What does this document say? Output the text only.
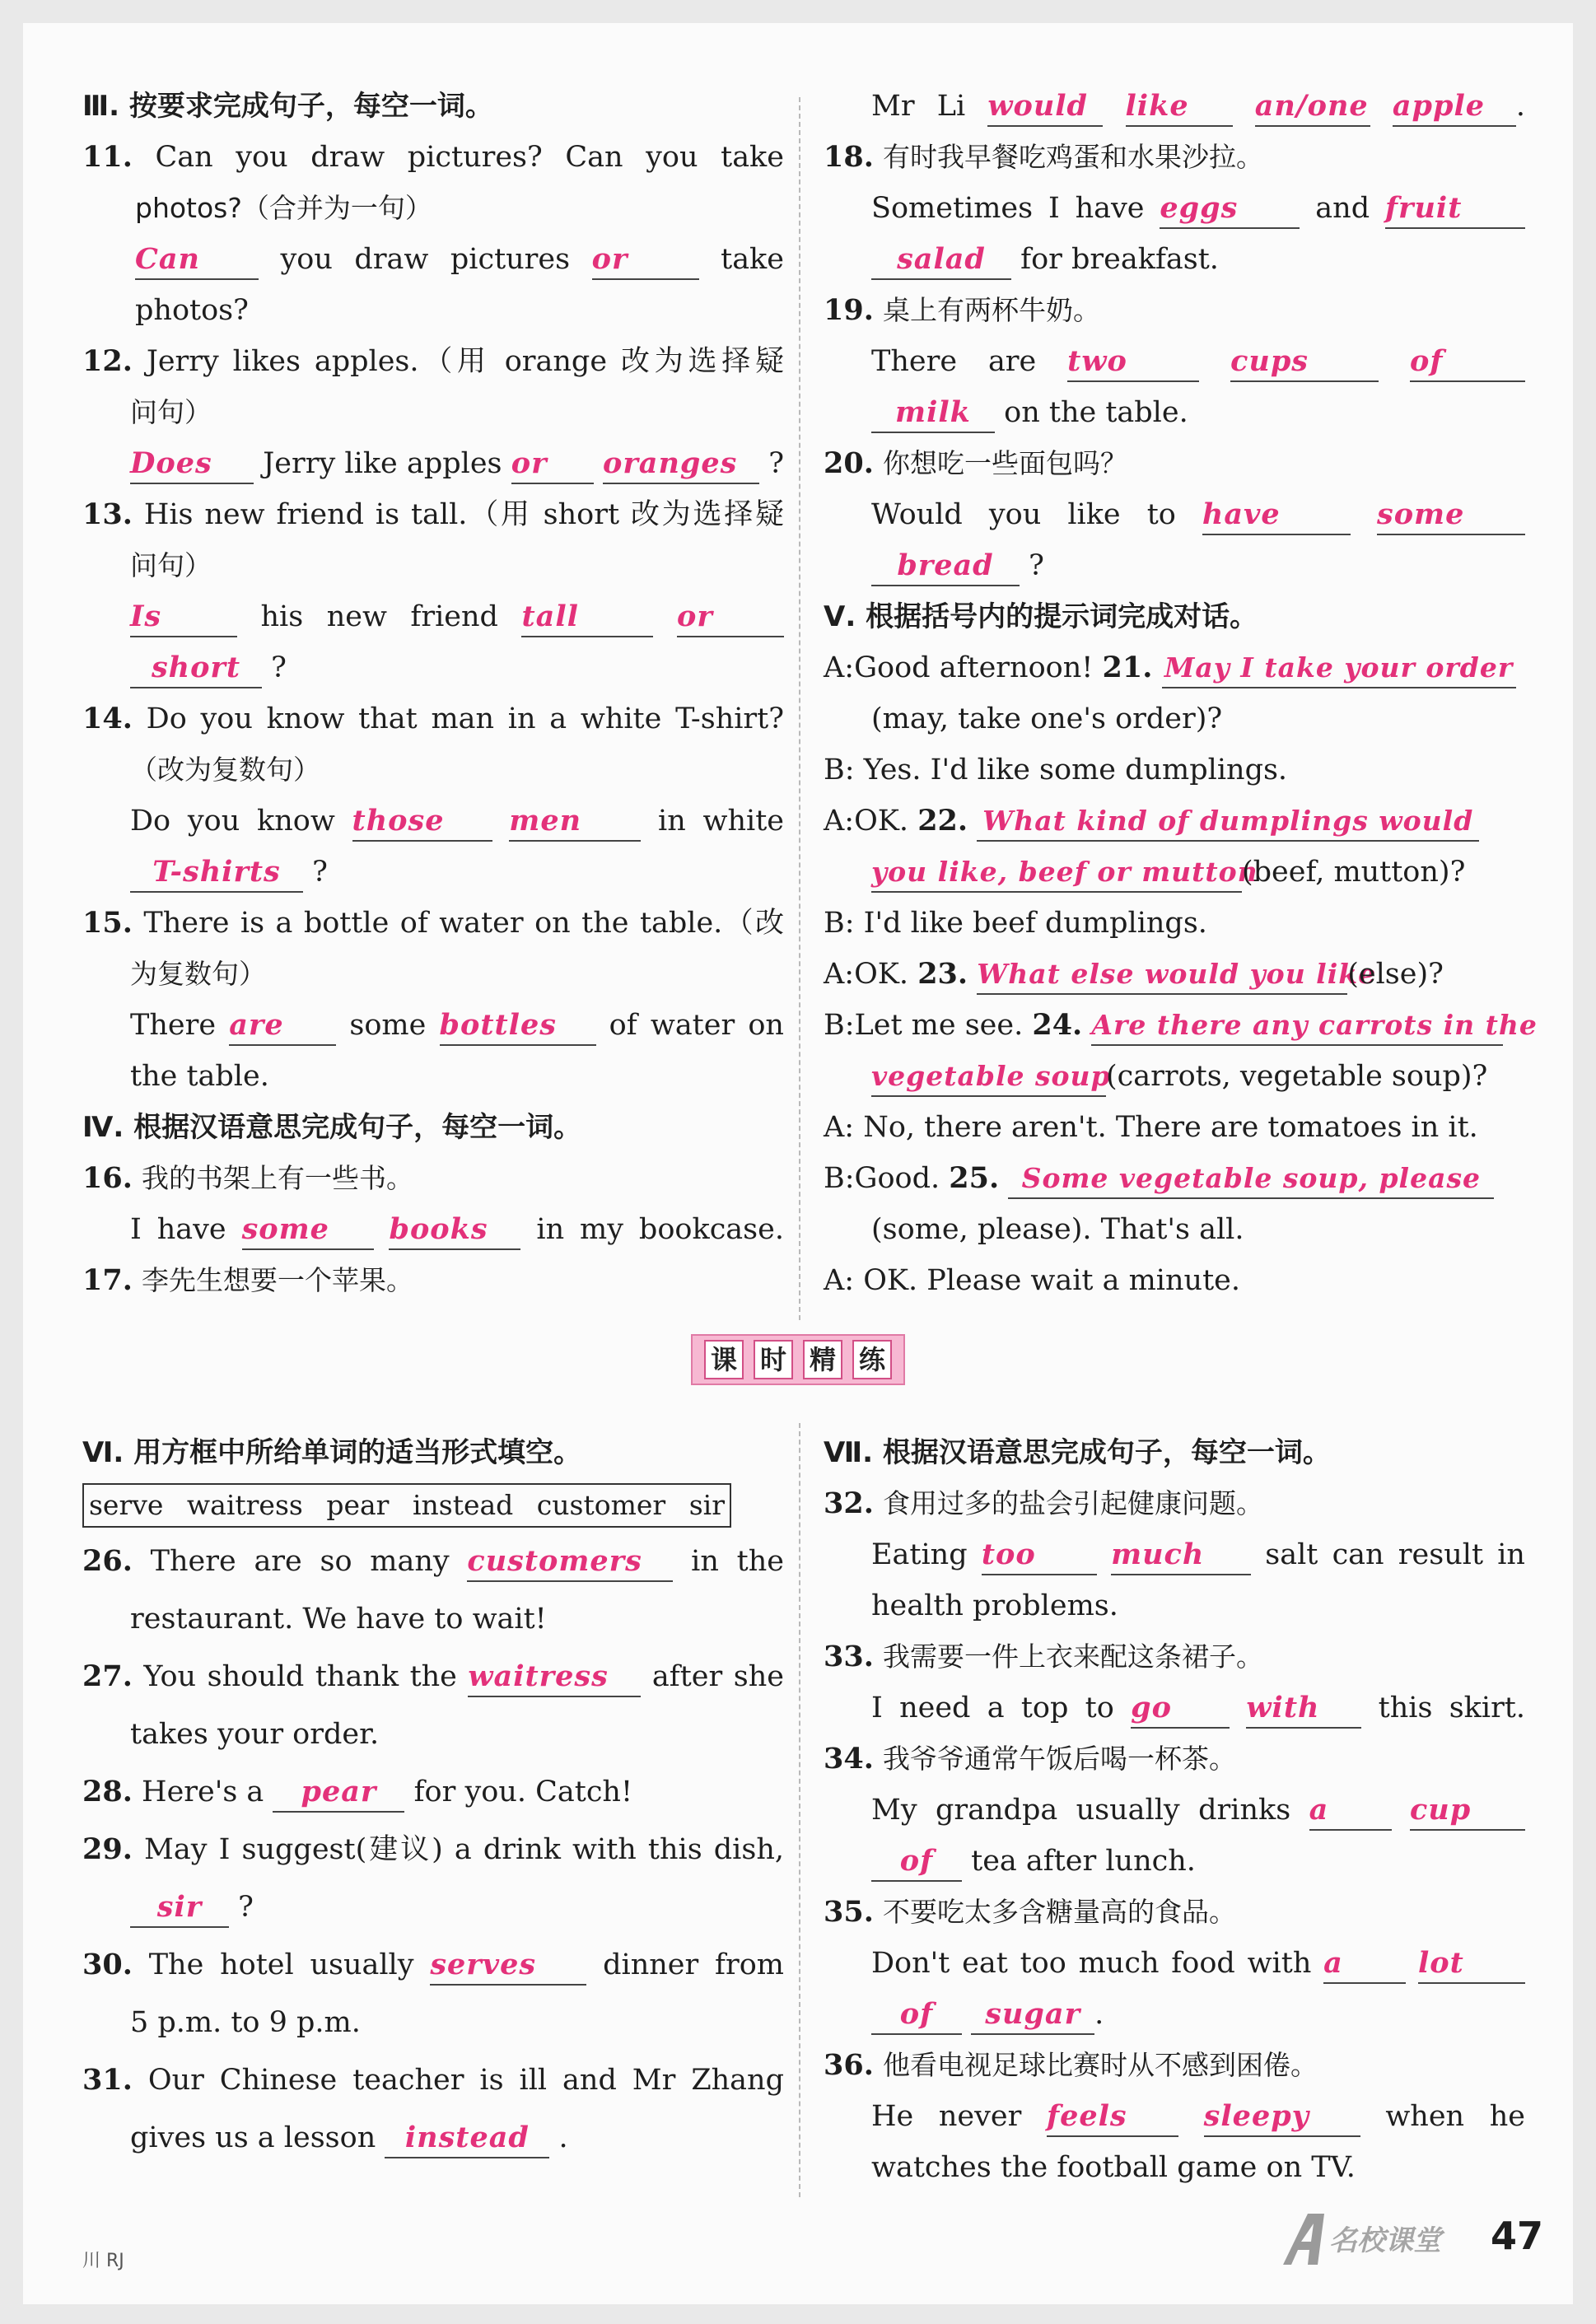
Ⅲ. 按要求完成句子，每空一词。
11. Can you draw pictures? Can you take
photos?（合并为一句）
Can	you draw pictures or	take
photos?
12. Jerry likes apples.（用 orange 改为选择疑
问句）
Does Jerry like apples or oranges ?
13. His new friend is tall.（用 short 改为选择疑
问句）
Is	his new friend tall	or
short ?
14. Do you know that man in a white T-shirt?
（改为复数句）
Do you know those men	in white
T-shirts ?
15. There is a bottle of water on the table.（改
为复数句）
There are some bottles of water on
the table.
Ⅳ. 根据汉语意思完成句子，每空一词。
16. 我的书架上有一些书。
I have some books in my bookcase.
17. 李先生想要一个苹果。
Mr Li would like an/one apple .
18. 有时我早餐吃鸡蛋和水果沙拉。
Sometimes I have eggs	and fruit
salad for breakfast.
19. 桌上有两杯牛奶。
There are two	cups	of
milk on the table.
20. 你想吃一些面包吗？
Would you like to have	some
bread ?
Ⅴ. 根据括号内的提示词完成对话。
A:Good afternoon! 21. May I take your order
(may, take one's order)?
B: Yes. I'd like some dumplings.
A:OK. 22. What kind of dumplings would
you like, beef or mutton(beef, mutton)?
B: I'd like beef dumplings.
A:OK. 23. What else would you like(else)?
B:Let me see. 24. Are there any carrots in the
vegetable soup(carrots, vegetable soup)?
A: No, there aren't. There are tomatoes in it.
B:Good. 25. Some vegetable soup, please
(some, please). That's all.
A: OK. Please wait a minute.
课 时 精 练
Ⅵ. 用方框中所给单词的适当形式填空。
serve waitress pear instead customer sir
26. There are so many customers in the
restaurant. We have to wait!
27. You should thank the waitress after she
takes your order.
28. Here's a pear for you. Catch!
29. May I suggest(建议) a drink with this dish,
sir ?
30. The hotel usually serves dinner from
5 p.m. to 9 p.m.
31. Our Chinese teacher is ill and Mr Zhang
gives us a lesson instead .
Ⅶ. 根据汉语意思完成句子，每空一词。
32. 食用过多的盐会引起健康问题。
Eating too	much salt can result in
health problems.
33. 我需要一件上衣来配这条裙子。
I need a top to go	with this skirt.
34. 我爷爷通常午饭后喝一杯茶。
My grandpa usually drinks a	cup
of tea after lunch.
35. 不要吃太多含糖量高的食品。
Don't eat too much food with a	lot
of sugar .
36. 他看电视足球比赛时从不感到困倦。
He never feels	sleepy	when he
watches the football game on TV.
川 RJ
名校课堂 47
